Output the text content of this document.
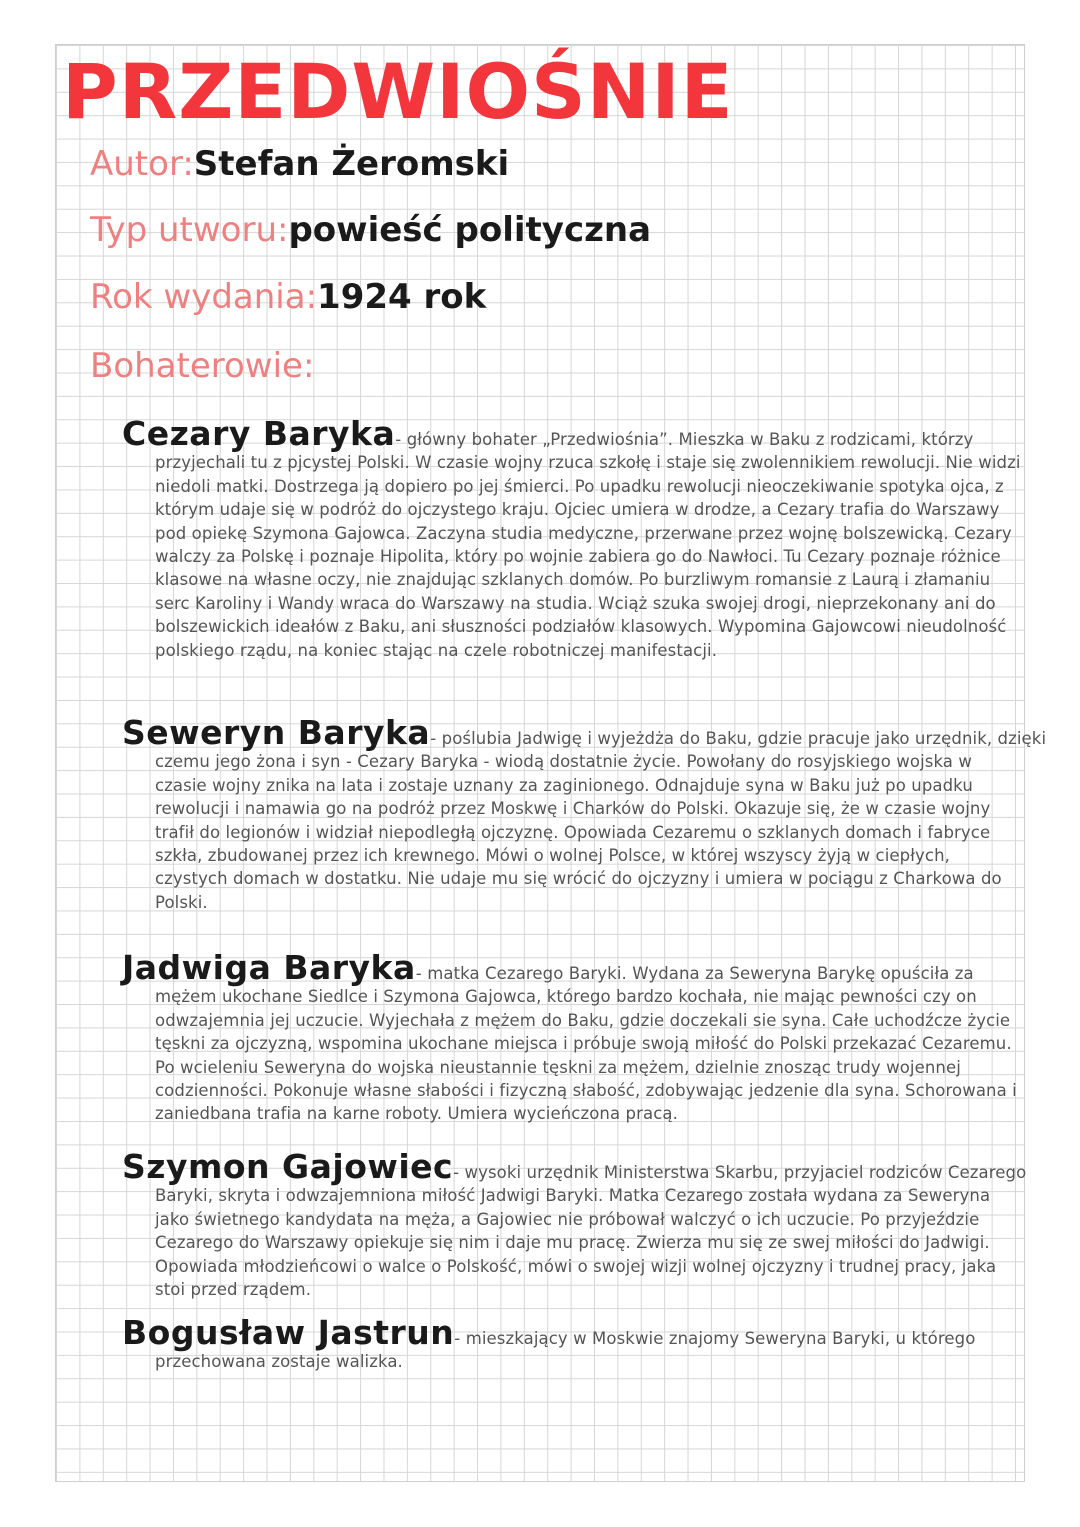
PRZEDWIOŚNIE
Autor:Stefan Żeromski
Typ utworu:powieść polityczna
Rok wydania:1924 rok
Bohaterowie:
Cezary Baryka- główny bohater „Przedwiośnia”. Mieszka w Baku z rodzicami, którzy
przyjechali tu z pjcystej Polski. W czasie wojny rzuca szkołę i staje się zwolennikiem rewolucji. Nie widzi niedoli matki. Dostrzega ją dopiero po jej śmierci. Po upadku rewolucji nieoczekiwanie spotyka ojca, z którym udaje się w podróż do ojczystego kraju. Ojciec umiera w drodze, a Cezary trafia do Warszawy pod opiekę Szymona Gajowca. Zaczyna studia medyczne, przerwane przez wojnę bolszewicką. Cezary walczy za Polskę i poznaje Hipolita, który po wojnie zabiera go do Nawłoci. Tu Cezary poznaje różnice klasowe na własne oczy, nie znajdując szklanych domów. Po burzliwym romansie z Laurą i złamaniu serc Karoliny i Wandy wraca do Warszawy na studia. Wciąż szuka swojej drogi, nieprzekonany ani do bolszewickich ideałów z Baku, ani słuszności podziałów klasowych. Wypomina Gajowcowi nieudolność polskiego rządu, na koniec stając na czele robotniczej manifestacji.
Seweryn Baryka- poślubia Jadwigę i wyjeżdża do Baku, gdzie pracuje jako urzędnik, dzięki
czemu jego żona i syn - Cezary Baryka - wiodą dostatnie życie. Powołany do rosyjskiego wojska w czasie wojny znika na lata i zostaje uznany za zaginionego. Odnajduje syna w Baku już po upadku rewolucji i namawia go na podróż przez Moskwę i Charków do Polski. Okazuje się, że w czasie wojny trafił do legionów i widział niepodległą ojczyznę. Opowiada Cezaremu o szklanych domach i fabryce szkła, zbudowanej przez ich krewnego. Mówi o wolnej Polsce, w której wszyscy żyją w ciepłych, czystych domach w dostatku. Nie udaje mu się wrócić do ojczyzny i umiera w pociągu z Charkowa do Polski.
Jadwiga Baryka- matka Cezarego Baryki. Wydana za Seweryna Barykę opuściła za
mężem ukochane Siedlce i Szymona Gajowca, którego bardzo kochała, nie mając pewności czy on odwzajemnia jej uczucie. Wyjechała z mężem do Baku, gdzie doczekali sie syna. Całe uchodźcze życie tęskni za ojczyzną, wspomina ukochane miejsca i próbuje swoją miłość do Polski przekazać Cezaremu. Po wcieleniu Seweryna do wojska nieustannie tęskni za mężem, dzielnie znosząc trudy wojennej codzienności. Pokonuje własne słabości i fizyczną słabość, zdobywając jedzenie dla syna. Schorowana i zaniedbana trafia na karne roboty. Umiera wycieńczona pracą.
Szymon Gajowiec- wysoki urzędnik Ministerstwa Skarbu, przyjaciel rodziców Cezarego
Baryki, skryta i odwzajemniona miłość Jadwigi Baryki. Matka Cezarego została wydana za Seweryna jako świetnego kandydata na męża, a Gajowiec nie próbował walczyć o ich uczucie. Po przyjeździe Cezarego do Warszawy opiekuje się nim i daje mu pracę. Zwierza mu się ze swej miłości do Jadwigi. Opowiada młodzieńcowi o walce o Polskość, mówi o swojej wizji wolnej ojczyzny i trudnej pracy, jaka stoi przed rządem.
Bogusław Jastrun- mieszkający w Moskwie znajomy Seweryna Baryki, u którego
przechowana zostaje walizka.
